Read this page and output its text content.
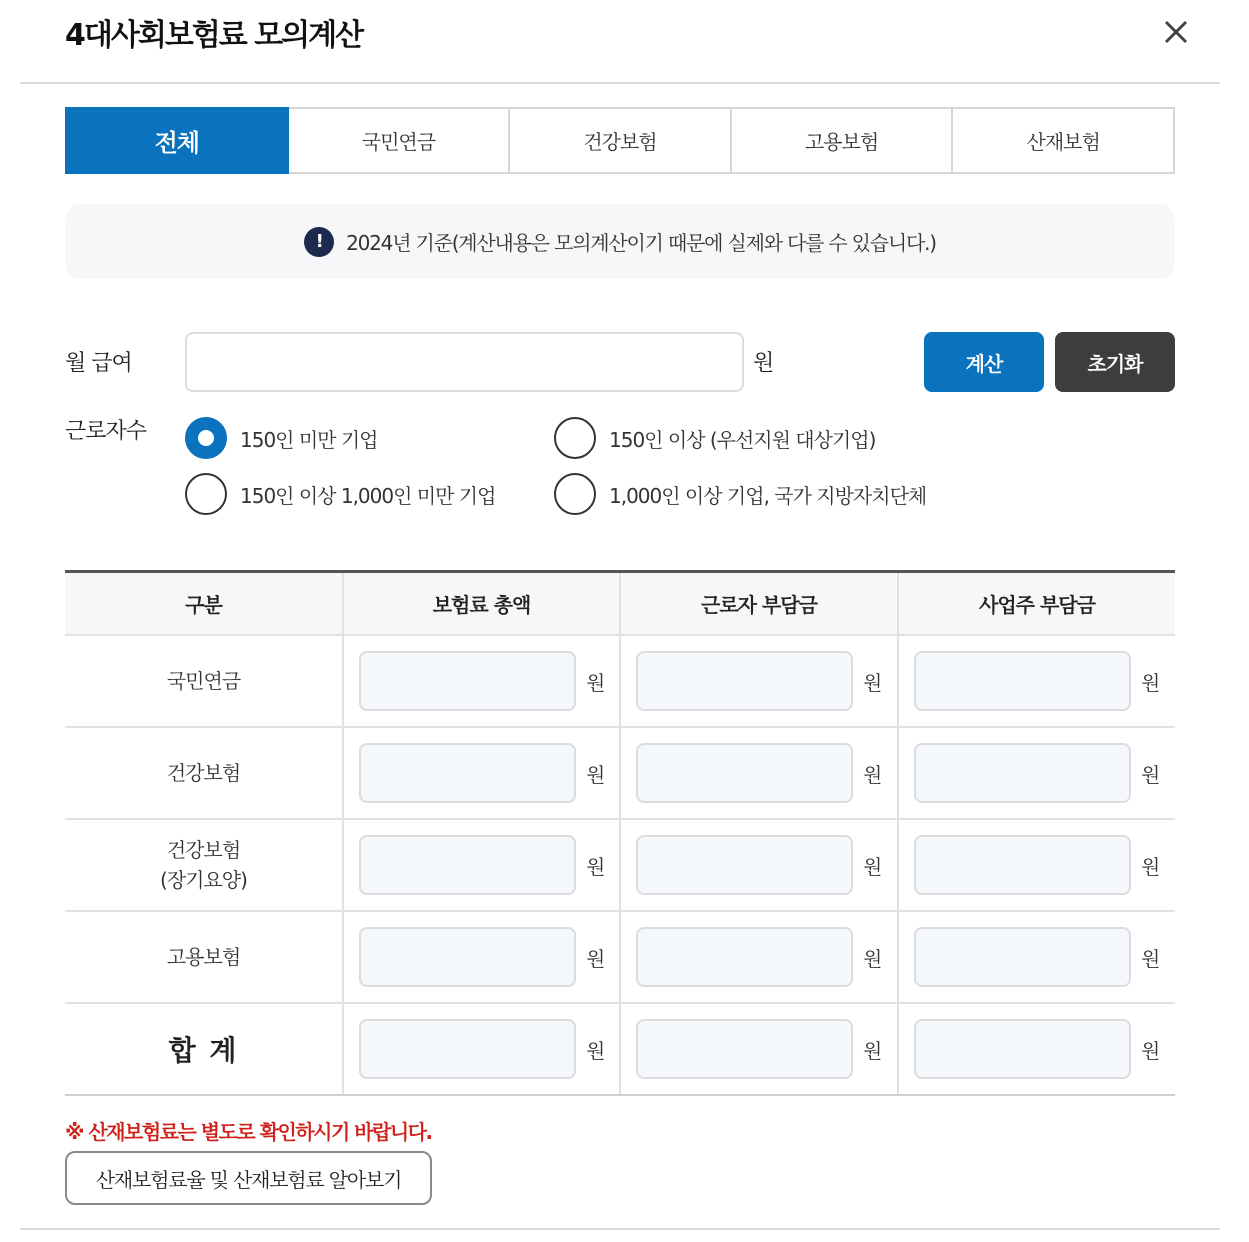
4대사회보험료 모의계산
전체	국민연금	건강보험	고용보험	산재보험
!	2024년 기준(계산내용은 모의계산이기 때문에 실제와 다를 수 있습니다.)
월 급여	원	계산	초기화
근로자수	150인 미만 기업	150인 이상 (우선지원 대상기업)
150인 이상 1,000인 미만 기업	1,000인 이상 기업, 국가 지방자치단체
구분	보험료 총액	근로자 부담금	사업주 부담금
국민연금	원	원	원

건강보험	원	원	원

건강보험
(장기요양)	원	원	원

고용보험	원	원	원

합 계	원	원	원
※ 산재보험료는 별도로 확인하시기 바랍니다.
산재보험료율 및 산재보험료 알아보기
